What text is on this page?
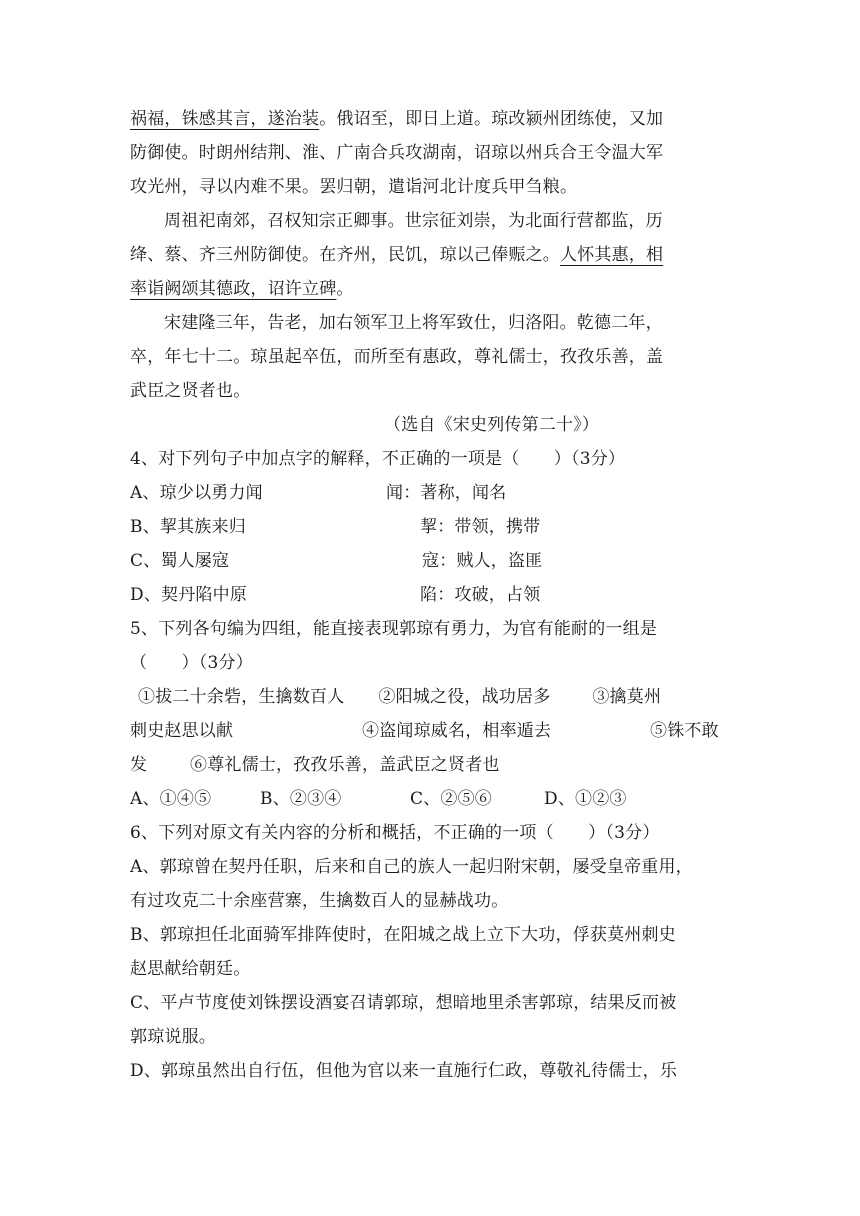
祸福，铢感其言，遂治装。俄诏至，即日上道。琼改颍州团练使，又加
防御使。时朗州结荆、淮、广南合兵攻湖南，诏琼以州兵合王令温大军
攻光州，寻以内难不果。罢归朝，遣诣河北计度兵甲刍粮。
周祖祀南郊，召权知宗正卿事。世宗征刘崇，为北面行营都监，历
绛、蔡、齐三州防御使。在齐州，民饥，琼以己俸赈之。人怀其惠，相
率诣阙颂其德政，诏许立碑。
宋建隆三年，告老，加右领军卫上将军致仕，归洛阳。乾德二年，
卒，年七十二。琼虽起卒伍，而所至有惠政，尊礼儒士，孜孜乐善，盖
武臣之贤者也。
（选自《宋史列传第二十》）
4、对下列句子中加点字的解释，不正确的一项是（　　）（3分）
A、琼少以勇力闻	闻：著称，闻名
B、挈其族来归	挈：带领，携带
C、蜀人屡寇	寇：贼人，盗匪
D、契丹陷中原	陷：攻破，占领
5、下列各句编为四组，能直接表现郭琼有勇力，为官有能耐的一组是
（　　）（3分）
①拔二十余砦，生擒数百人 ②阳城之役，战功居多 ③擒莫州
刺史赵思以献	④盗闻琼威名，相率遁去	⑤铢不敢
发	⑥尊礼儒士，孜孜乐善，盖武臣之贤者也
A、①④⑤	B、②③④	C、②⑤⑥	D、①②③
6、下列对原文有关内容的分析和概括，不正确的一项（　　）（3分）
A、郭琼曾在契丹任职，后来和自己的族人一起归附宋朝，屡受皇帝重用，
有过攻克二十余座营寨，生擒数百人的显赫战功。
B、郭琼担任北面骑军排阵使时，在阳城之战上立下大功，俘获莫州刺史
赵思献给朝廷。
C、平卢节度使刘铢摆设酒宴召请郭琼，想暗地里杀害郭琼，结果反而被
郭琼说服。
D、郭琼虽然出自行伍，但他为官以来一直施行仁政，尊敬礼待儒士，乐
